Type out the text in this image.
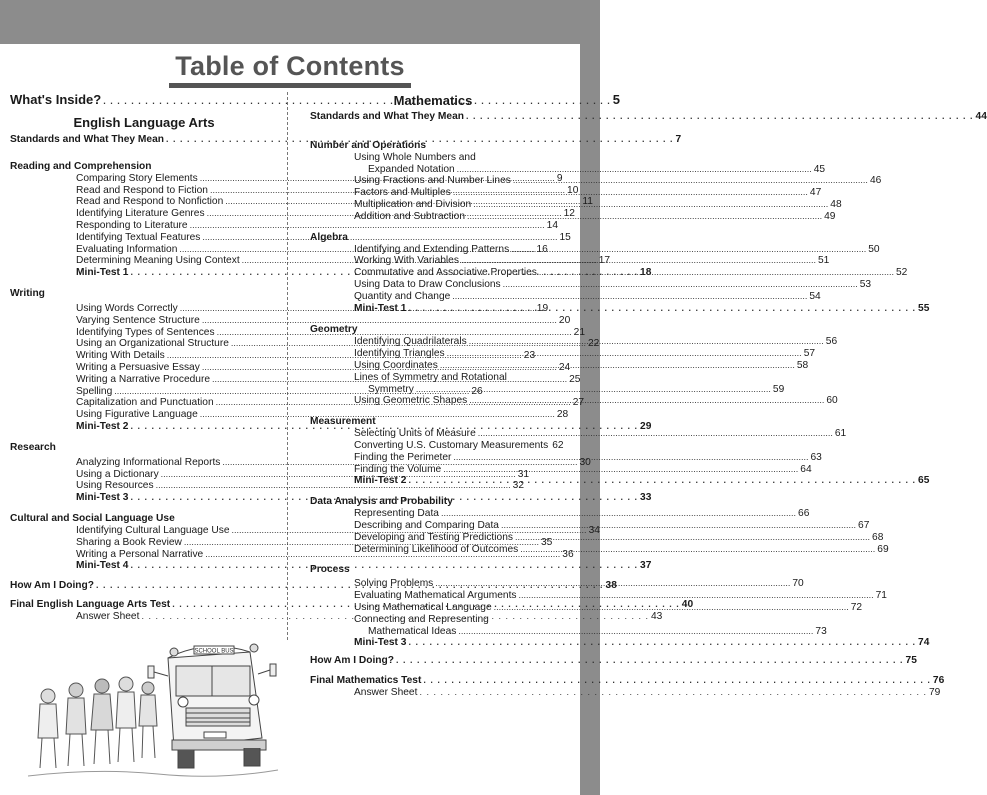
Table of Contents
What's Inside? . . .	5
English Language Arts
Standards and What They Mean . . .	7
Reading and Comprehension
Comparing Story Elements .....	9
Read and Respond to Fiction .....	10
Read and Respond to Nonfiction .....	11
Identifying Literature Genres .....	12
Responding to Literature .....	14
Identifying Textual Features .....	15
Evaluating Information .....	16
Determining Meaning Using Context .....	17
Mini-Test 1 . . .	18
Writing
Using Words Correctly .....	19
Varying Sentence Structure .....	20
Identifying Types of Sentences .....	21
Using an Organizational Structure .....	22
Writing With Details .....	23
Writing a Persuasive Essay .....	24
Writing a Narrative Procedure .....	25
Spelling .....	26
Capitalization and Punctuation .....	27
Using Figurative Language .....	28
Mini-Test 2 . . .	29
Research
Analyzing Informational Reports .....	30
Using a Dictionary .....	31
Using Resources .....	32
Mini-Test 3 . . .	33
Cultural and Social Language Use
Identifying Cultural Language Use .....	34
Sharing a Book Review .....	35
Writing a Personal Narrative .....	36
Mini-Test 4 . . .	37
How Am I Doing? . . .	38
Final English Language Arts Test . . .	40
Answer Sheet . . .	43
Mathematics
Standards and What They Mean . . .	44
Number and Operations
Using Whole Numbers and
Expanded Notation .....	45
Using Fractions and Number Lines .....	46
Factors and Multiples .....	47
Multiplication and Division .....	48
Addition and Subtraction .....	49
Algebra
Identifying and Extending Patterns .....	50
Working With Variables .....	51
Commutative and Associative Properties .....	52
Using Data to Draw Conclusions .....	53
Quantity and Change .....	54
Mini-Test 1 . . .	55
Geometry
Identifying Quadrilaterals .....	56
Identifying Triangles .....	57
Using Coordinates .....	58
Lines of Symmetry and Rotational
Symmetry .....	59
Using Geometric Shapes .....	60
Measurement
Selecting Units of Measure .....	61
Converting U.S. Customary Measurements 62
Finding the Perimeter .....	63
Finding the Volume .....	64
Mini-Test 2 . . .	65
Data Analysis and Probability
Representing Data .....	66
Describing and Comparing Data .....	67
Developing and Testing Predictions .....	68
Determining Likelihood of Outcomes .....	69
Process
Solving Problems .....	70
Evaluating Mathematical Arguments .....	71
Using Mathematical Language .....	72
Connecting and Representing
Mathematical Ideas .....	73
Mini-Test 3 . . .	74
How Am I Doing? . . .	75
Final Mathematics Test . . .	76
Answer Sheet . . .	79
SCHOOL BUS
